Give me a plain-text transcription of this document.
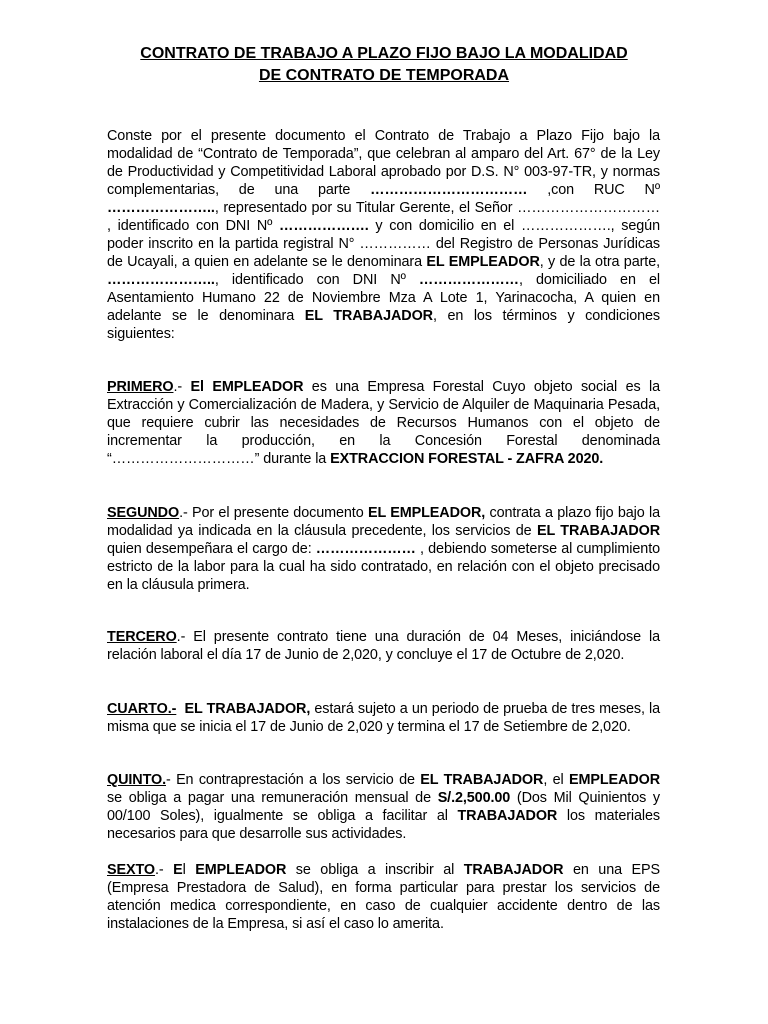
CONTRATO DE TRABAJO A PLAZO FIJO BAJO LA MODALIDAD
DE CONTRATO DE TEMPORADA

Conste por el presente documento el Contrato de Trabajo a Plazo Fijo bajo la modalidad de “Contrato de Temporada”, que celebran al amparo del Art. 67° de la Ley de Productividad y Competitividad Laboral aprobado por D.S. N° 003-97-TR, y normas complementarias, de una parte …………………………… ,con RUC Nº ………………….., representado por su Titular Gerente, el Señor ………………………… , identificado con DNI Nº ………………. y con domicilio en el ………………., según poder inscrito en la partida registral N° …………… del Registro de Personas Jurídicas de Ucayali, a quien en adelante se le denominara EL EMPLEADOR, y de la otra parte, ………………….., identificado con DNI Nº …………………, domiciliado en el Asentamiento Humano 22 de Noviembre Mza A Lote 1, Yarinacocha, A quien en adelante se le denominara EL TRABAJADOR, en los términos y condiciones siguientes:

PRIMERO.- El EMPLEADOR es una Empresa Forestal Cuyo objeto social es la Extracción y Comercialización de Madera, y Servicio de Alquiler de Maquinaria Pesada, que requiere cubrir las necesidades de Recursos Humanos con el objeto de incrementar la producción, en la Concesión Forestal denominada “…………………………” durante la EXTRACCION FORESTAL - ZAFRA 2020.

SEGUNDO.- Por el presente documento EL EMPLEADOR, contrata a plazo fijo bajo la modalidad ya indicada en la cláusula precedente, los servicios de EL TRABAJADOR quien desempeñara el cargo de: ………………… , debiendo someterse al cumplimiento estricto de la labor para la cual ha sido contratado, en relación con el objeto precisado en la cláusula primera.

TERCERO.- El presente contrato tiene una duración de 04 Meses, iniciándose la relación laboral el día 17 de Junio de 2,020, y concluye el 17 de Octubre de 2,020.

CUARTO.- EL TRABAJADOR, estará sujeto a un periodo de prueba de tres meses, la misma que se inicia el 17 de Junio de 2,020 y termina el 17 de Setiembre de 2,020.

QUINTO.- En contraprestación a los servicio de EL TRABAJADOR, el EMPLEADOR se obliga a pagar una remuneración mensual de S/.2,500.00 (Dos Mil Quinientos y 00/100 Soles), igualmente se obliga a facilitar al TRABAJADOR los materiales necesarios para que desarrolle sus actividades.

SEXTO.- El EMPLEADOR se obliga a inscribir al TRABAJADOR en una EPS (Empresa Prestadora de Salud), en forma particular para prestar los servicios de atención medica correspondiente, en caso de cualquier accidente dentro de las instalaciones de la Empresa, si así el caso lo amerita.
